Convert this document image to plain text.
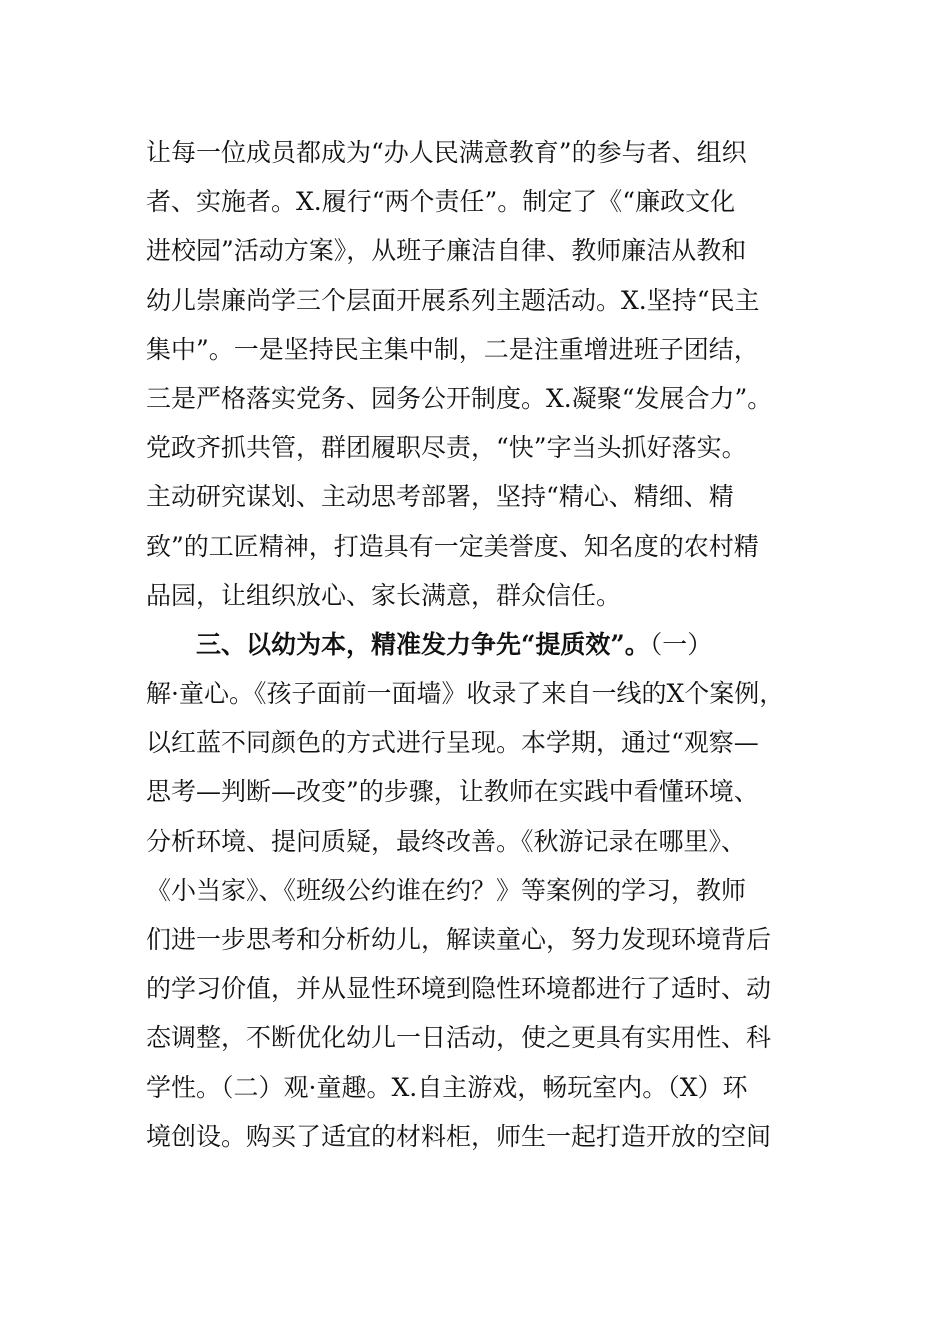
让每一位成员都成为“办人民满意教育”的参与者、组织
者、实施者。X.履行“两个责任”。制定了《“廉政文化
进校园”活动方案》，从班子廉洁自律、教师廉洁从教和
幼儿崇廉尚学三个层面开展系列主题活动。X.坚持“民主
集中”。一是坚持民主集中制，二是注重增进班子团结，
三是严格落实党务、园务公开制度。X.凝聚“发展合力”。
党政齐抓共管，群团履职尽责，“快”字当头抓好落实。
主动研究谋划、主动思考部署，坚持“精心、精细、精
致”的工匠精神，打造具有一定美誉度、知名度的农村精
品园，让组织放心、家长满意，群众信任。
三、以幼为本，精准发力争先“提质效”。（一）
解·童心。《孩子面前一面墙》收录了来自一线的X个案例，
以红蓝不同颜色的方式进行呈现。本学期，通过“观察—
思考—判断—改变”的步骤，让教师在实践中看懂环境、
分析环境、提问质疑，最终改善。《秋游记录在哪里》、
《小当家》、《班级公约谁在约？》等案例的学习，教师
们进一步思考和分析幼儿，解读童心，努力发现环境背后
的学习价值，并从显性环境到隐性环境都进行了适时、动
态调整，不断优化幼儿一日活动，使之更具有实用性、科
学性。（二）观·童趣。X.自主游戏，畅玩室内。（X）环
境创设。购买了适宜的材料柜，师生一起打造开放的空间
